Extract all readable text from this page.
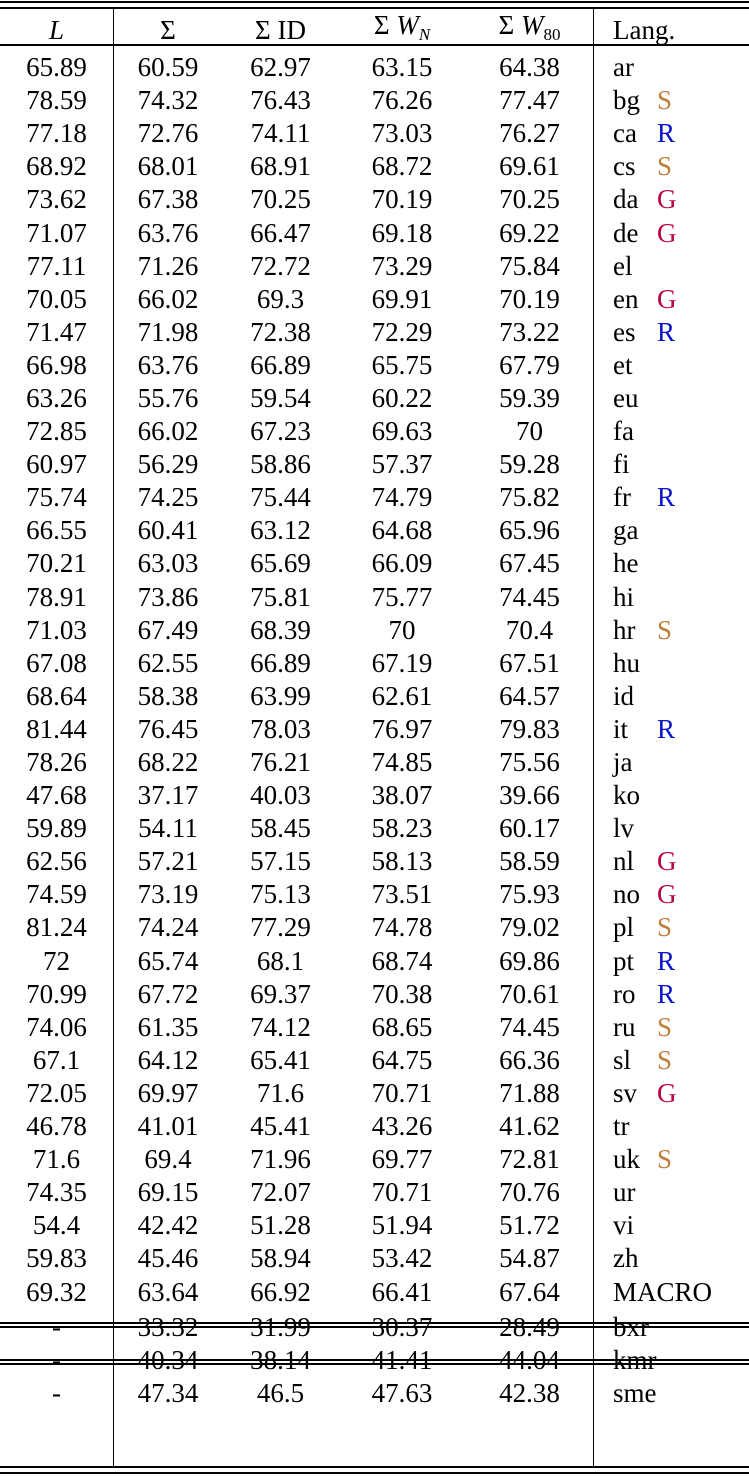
L	Σ	Σ ID	Σ $W_N$	Σ $W_{80}$	Lang.
65.89	60.59	62.97	63.15	64.38	ar
78.59	74.32	76.43	76.26	77.47	bg S
77.18	72.76	74.11	73.03	76.27	ca R
68.92	68.01	68.91	68.72	69.61	cs S
73.62	67.38	70.25	70.19	70.25	da G
71.07	63.76	66.47	69.18	69.22	de G
77.11	71.26	72.72	73.29	75.84	el
70.05	66.02	69.3	69.91	70.19	en G
71.47	71.98	72.38	72.29	73.22	es R
66.98	63.76	66.89	65.75	67.79	et
63.26	55.76	59.54	60.22	59.39	eu
72.85	66.02	67.23	69.63	70	fa
60.97	56.29	58.86	57.37	59.28	fi
75.74	74.25	75.44	74.79	75.82	fr R
66.55	60.41	63.12	64.68	65.96	ga
70.21	63.03	65.69	66.09	67.45	he
78.91	73.86	75.81	75.77	74.45	hi
71.03	67.49	68.39	70	70.4	hr S
67.08	62.55	66.89	67.19	67.51	hu
68.64	58.38	63.99	62.61	64.57	id
81.44	76.45	78.03	76.97	79.83	it R
78.26	68.22	76.21	74.85	75.56	ja
47.68	37.17	40.03	38.07	39.66	ko
59.89	54.11	58.45	58.23	60.17	lv
62.56	57.21	57.15	58.13	58.59	nl G
74.59	73.19	75.13	73.51	75.93	no G
81.24	74.24	77.29	74.78	79.02	pl S
72	65.74	68.1	68.74	69.86	pt R
70.99	67.72	69.37	70.38	70.61	ro R
74.06	61.35	74.12	68.65	74.45	ru S
67.1	64.12	65.41	64.75	66.36	sl S
72.05	69.97	71.6	70.71	71.88	sv G
46.78	41.01	45.41	43.26	41.62	tr
71.6	69.4	71.96	69.77	72.81	uk S
74.35	69.15	72.07	70.71	70.76	ur
54.4	42.42	51.28	51.94	51.72	vi
59.83	45.46	58.94	53.42	54.87	zh
69.32	63.64	66.92	66.41	67.64	MACRO
-	33.32	31.99	30.37	28.49	bxr
-	40.34	38.14	41.41	44.04	kmr
-	47.34	46.5	47.63	42.38	sme
